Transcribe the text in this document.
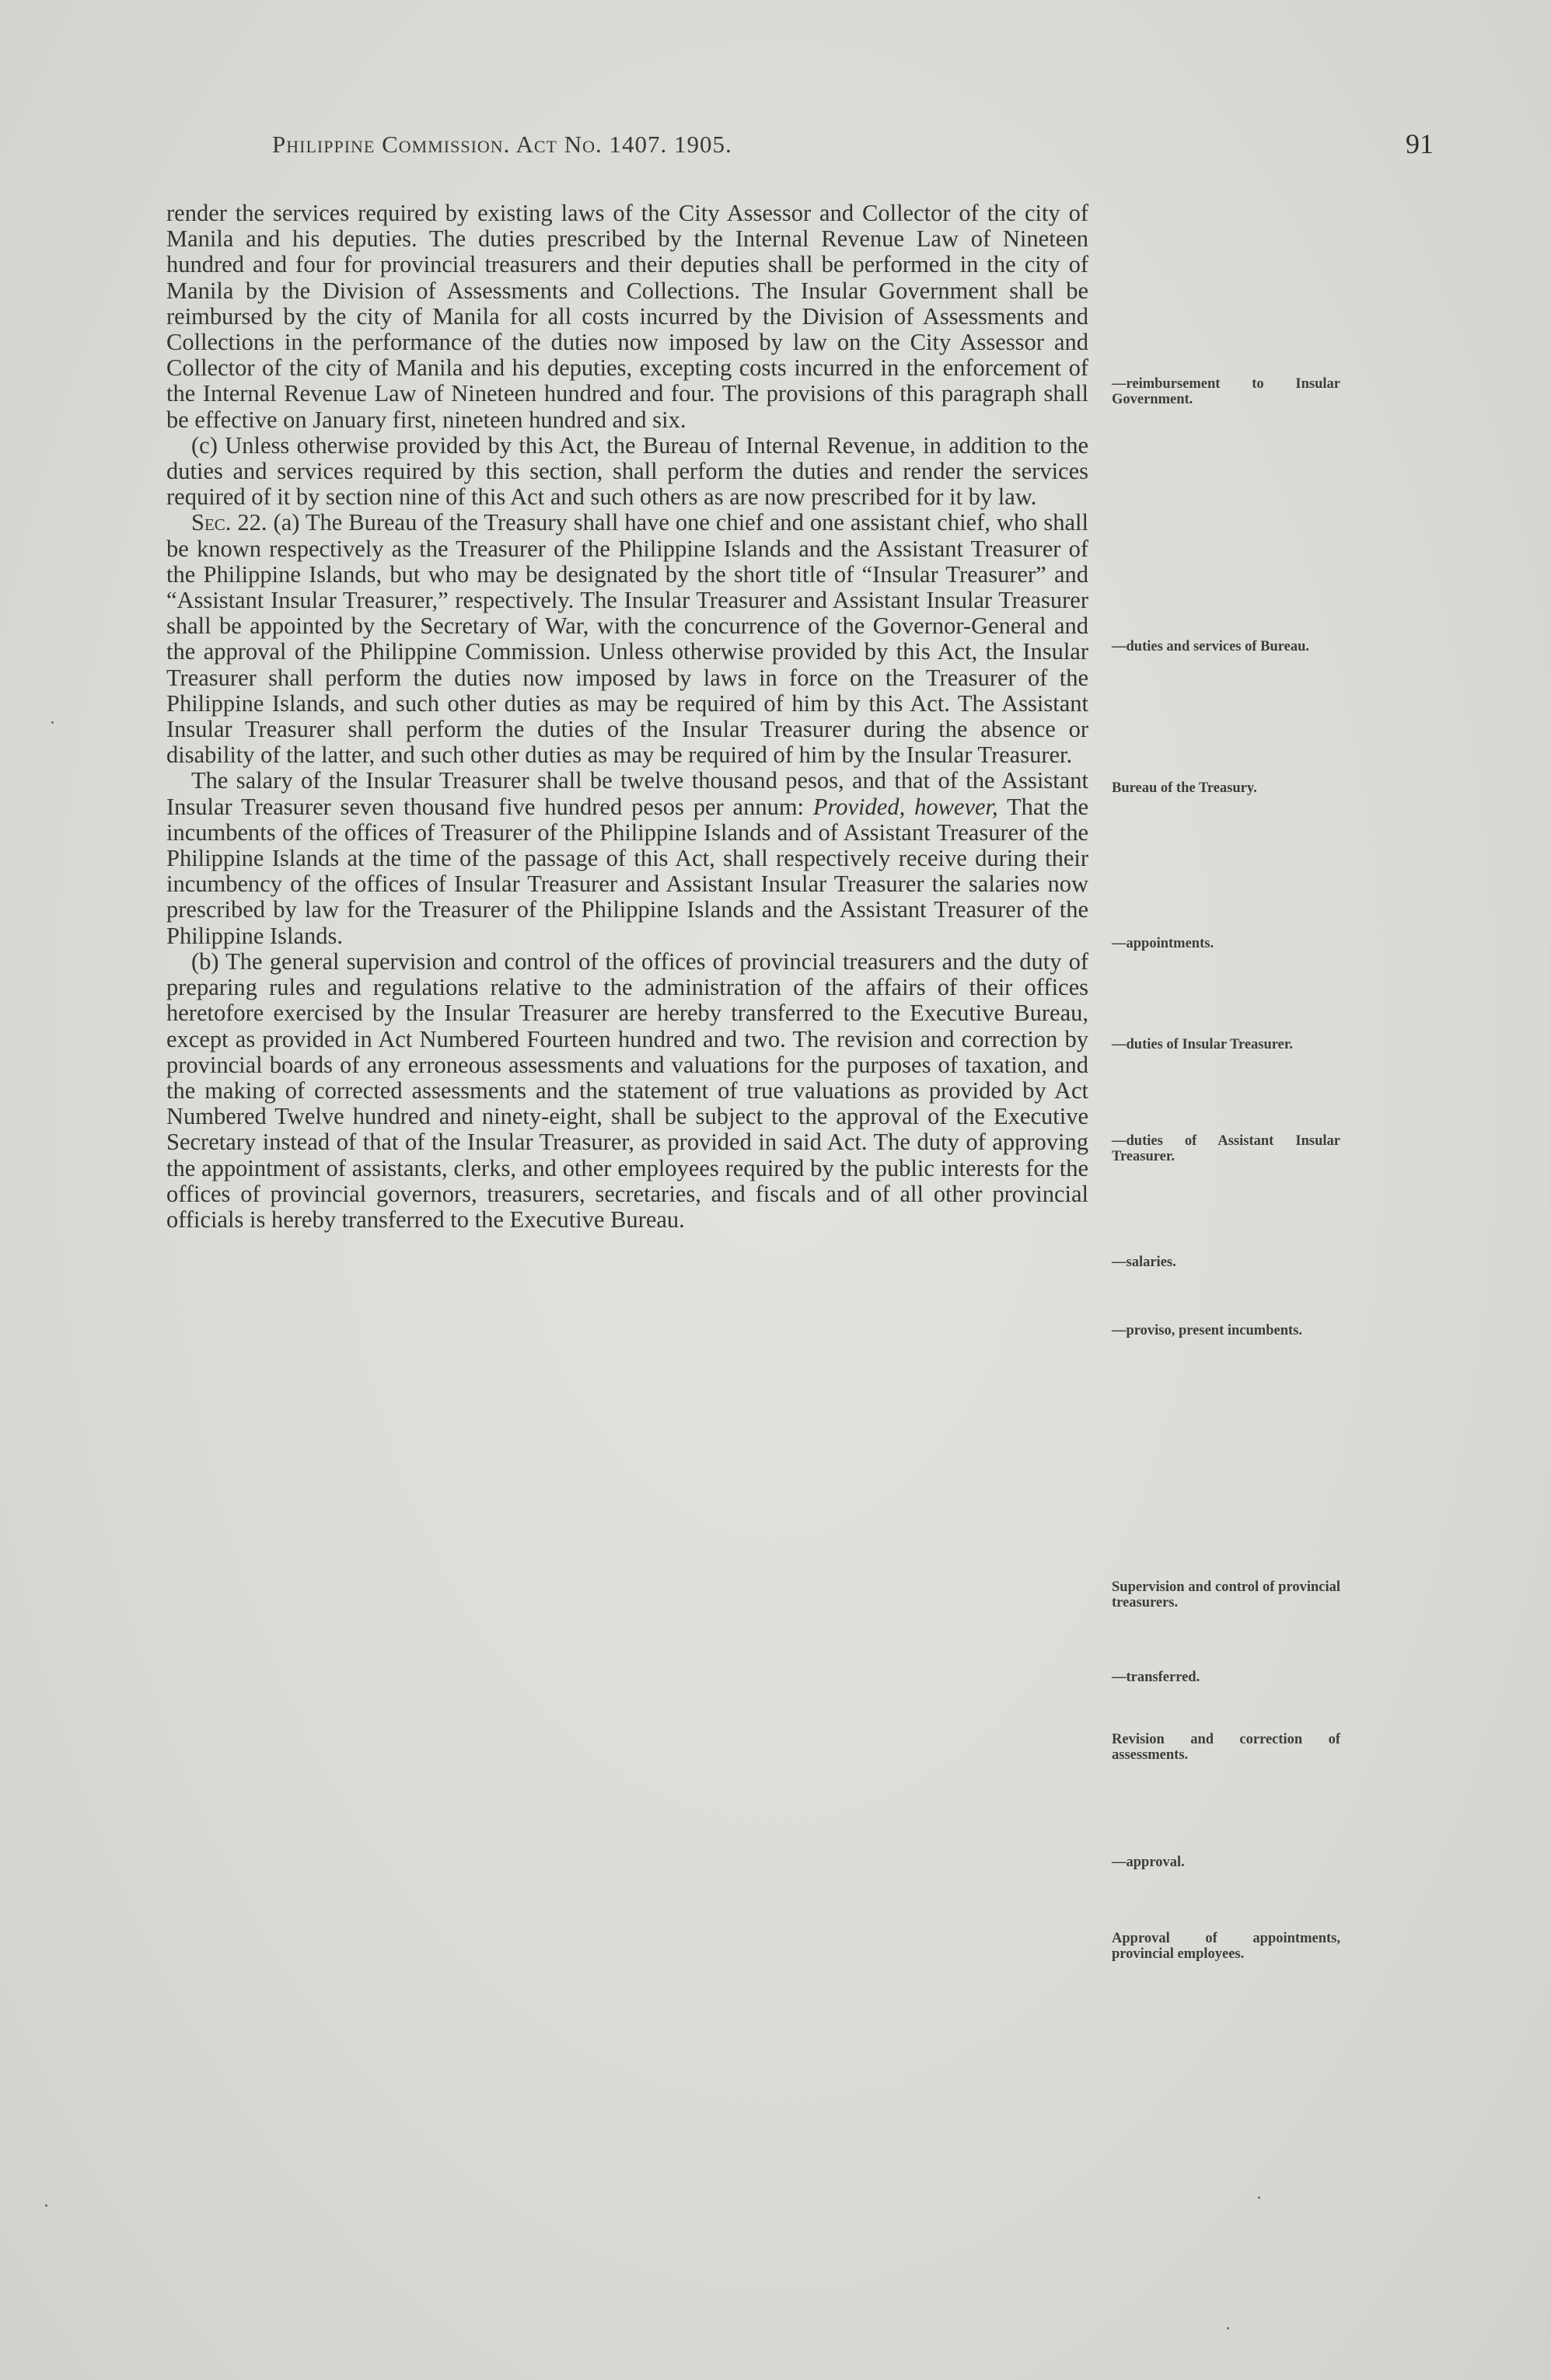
Philippine Commission. Act No. 1407. 1905.	91

render the services required by existing laws of the City Assessor and Collector of the city of Manila and his deputies. The duties prescribed by the Internal Revenue Law of Nineteen hundred and four for provincial treasurers and their deputies shall be performed in the city of Manila by the Division of Assessments and Collections. The Insular Government shall be reimbursed by the city of Manila for all costs incurred by the Division of Assessments and Collections in the performance of the duties now imposed by law on the City Assessor and Collector of the city of Manila and his deputies, excepting costs incurred in the enforcement of the Internal Revenue Law of Nineteen hundred and four. The provisions of this paragraph shall be effective on January first, nineteen hundred and six.

(c) Unless otherwise provided by this Act, the Bureau of Internal Revenue, in addition to the duties and services required by this section, shall perform the duties and render the services required of it by section nine of this Act and such others as are now prescribed for it by law.

Sec. 22. (a) The Bureau of the Treasury shall have one chief and one assistant chief, who shall be known respectively as the Treasurer of the Philippine Islands and the Assistant Treasurer of the Philippine Islands, but who may be designated by the short title of “Insular Treasurer” and “Assistant Insular Treasurer,” respectively. The Insular Treasurer and Assistant Insular Treasurer shall be appointed by the Secretary of War, with the concurrence of the Governor-General and the approval of the Philippine Commission. Unless otherwise provided by this Act, the Insular Treasurer shall perform the duties now imposed by laws in force on the Treasurer of the Philippine Islands, and such other duties as may be required of him by this Act. The Assistant Insular Treasurer shall perform the duties of the Insular Treasurer during the absence or disability of the latter, and such other duties as may be required of him by the Insular Treasurer.

The salary of the Insular Treasurer shall be twelve thousand pesos, and that of the Assistant Insular Treasurer seven thousand five hundred pesos per annum: Provided, however, That the incumbents of the offices of Treasurer of the Philippine Islands and of Assistant Treasurer of the Philippine Islands at the time of the passage of this Act, shall respectively receive during their incumbency of the offices of Insular Treasurer and Assistant Insular Treasurer the salaries now prescribed by law for the Treasurer of the Philippine Islands and the Assistant Treasurer of the Philippine Islands.

(b) The general supervision and control of the offices of provincial treasurers and the duty of preparing rules and regulations relative to the administration of the affairs of their offices heretofore exercised by the Insular Treasurer are hereby transferred to the Executive Bureau, except as provided in Act Numbered Fourteen hundred and two. The revision and correction by provincial boards of any erroneous assessments and valuations for the purposes of taxation, and the making of corrected assessments and the statement of true valuations as provided by Act Numbered Twelve hundred and ninety-eight, shall be subject to the approval of the Executive Secretary instead of that of the Insular Treasurer, as provided in said Act. The duty of approving the appointment of assistants, clerks, and other employees required by the public interests for the offices of provincial governors, treasurers, secretaries, and fiscals and of all other provincial officials is hereby transferred to the Executive Bureau.

—reimbursement to Insular Government.
—duties and services of Bureau.
Bureau of the Treasury.
—appointments.
—duties of Insular Treasurer.
—duties of Assistant Insular Treasurer.
—salaries.
—proviso, present incumbents.
Supervision and control of provincial treasurers.
—transferred.
Revision and correction of assessments.
—approval.
Approval of appointments, provincial employees.
